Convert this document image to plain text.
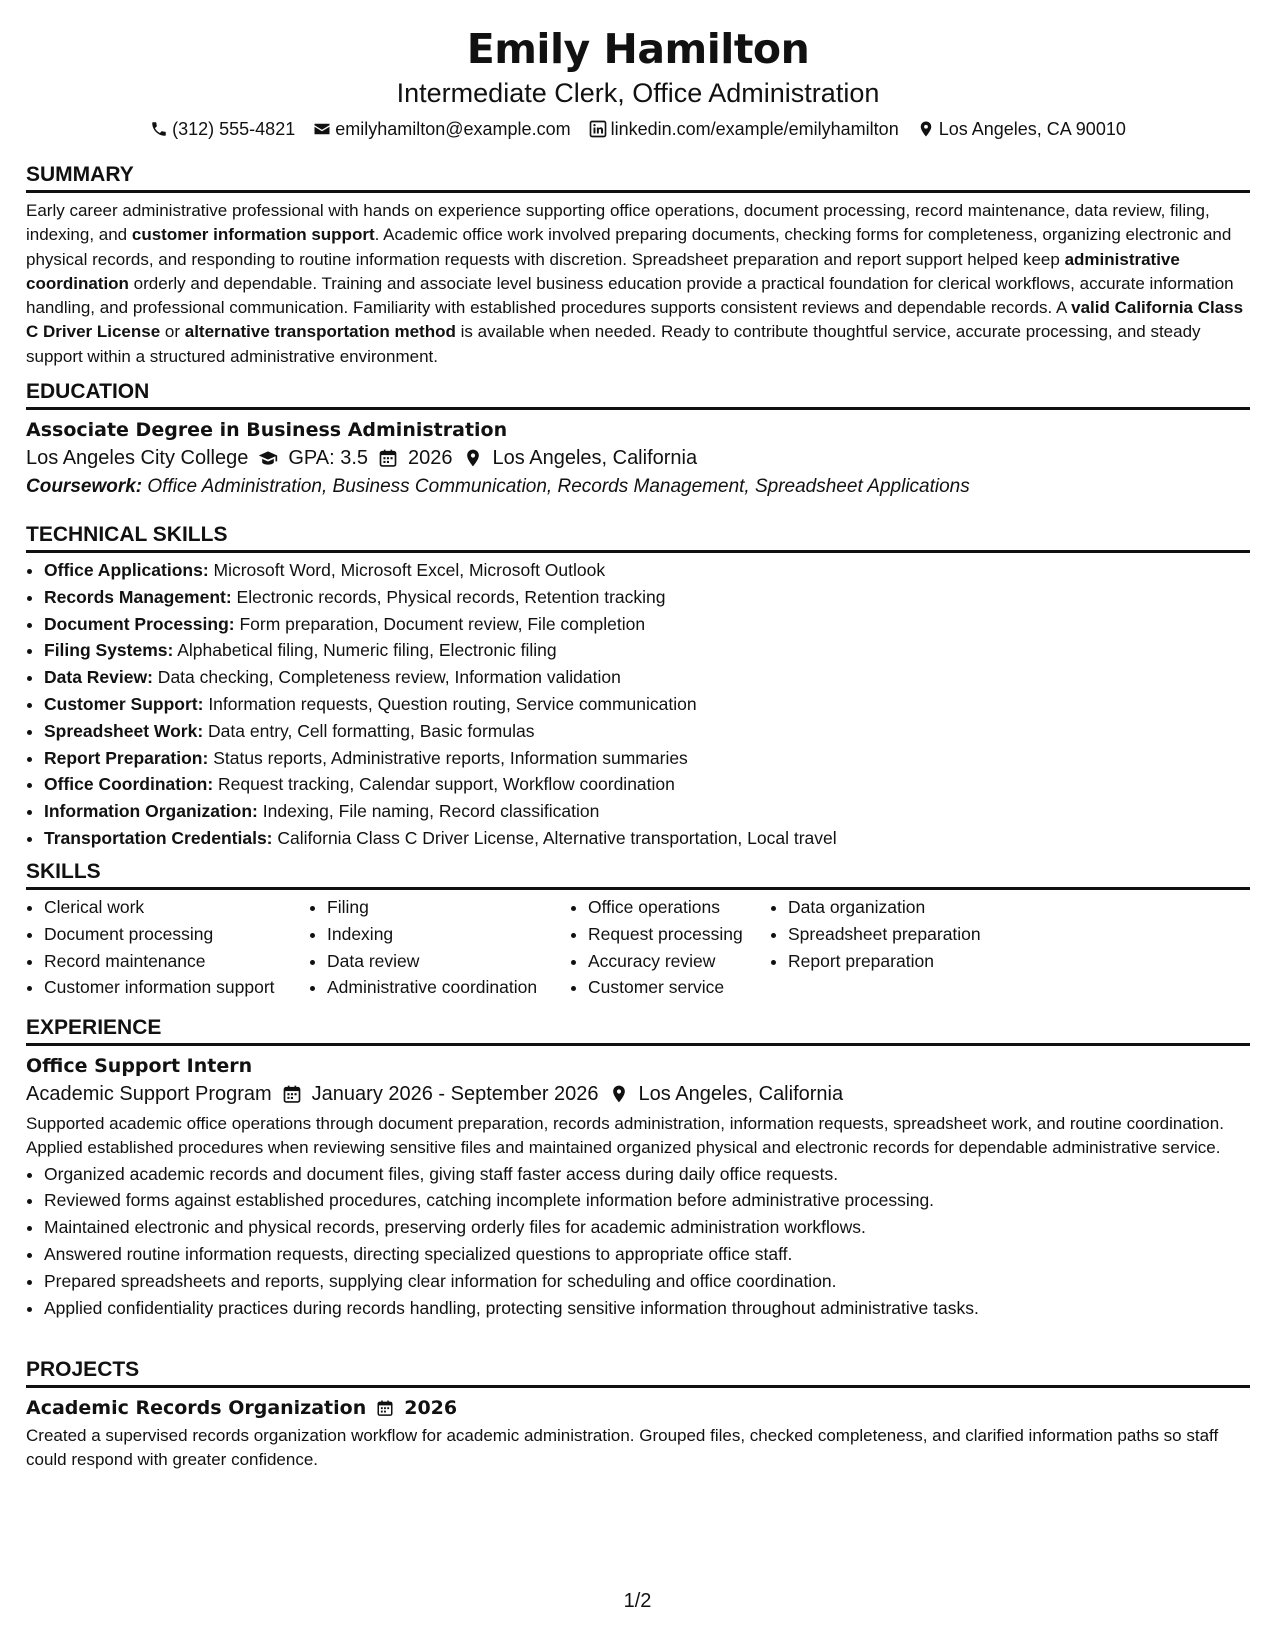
Emily Hamilton

Intermediate Clerk, Office Administration

(312) 555-4821 emilyhamilton@example.com linkedin.com/example/emilyhamilton Los Angeles, CA 90010
SUMMARY

Early career administrative professional with hands on experience supporting office operations, document processing, record maintenance, data review, filing, indexing, and customer information support. Academic office work involved preparing documents, checking forms for completeness, organizing electronic and physical records, and responding to routine information requests with discretion. Spreadsheet preparation and report support helped keep administrative coordination orderly and dependable. Training and associate level business education provide a practical foundation for clerical workflows, accurate information handling, and professional communication. Familiarity with established procedures supports consistent reviews and dependable records. A valid California Class C Driver License or alternative transportation method is available when needed. Ready to contribute thoughtful service, accurate processing, and steady support within a structured administrative environment.

EDUCATION
Associate Degree in Business Administration
Los Angeles City College GPA: 3.5 2026 Los Angeles, California
Coursework: Office Administration, Business Communication, Records Management, Spreadsheet Applications
TECHNICAL SKILLS
• Office Applications: Microsoft Word, Microsoft Excel, Microsoft Outlook
• Records Management: Electronic records, Physical records, Retention tracking
• Document Processing: Form preparation, Document review, File completion
• Filing Systems: Alphabetical filing, Numeric filing, Electronic filing
• Data Review: Data checking, Completeness review, Information validation
• Customer Support: Information requests, Question routing, Service communication
• Spreadsheet Work: Data entry, Cell formatting, Basic formulas
• Report Preparation: Status reports, Administrative reports, Information summaries
• Office Coordination: Request tracking, Calendar support, Workflow coordination
• Information Organization: Indexing, File naming, Record classification
• Transportation Credentials: California Class C Driver License, Alternative transportation, Local travel
SKILLS
• Clerical work
• Document processing
• Record maintenance
• Customer information support
• Filing
• Indexing
• Data review
• Administrative coordination
• Office operations
• Request processing
• Accuracy review
• Customer service
• Data organization
• Spreadsheet preparation
• Report preparation
EXPERIENCE
Office Support Intern
Academic Support Program January 2026 - September 2026 Los Angeles, California

Supported academic office operations through document preparation, records administration, information requests, spreadsheet work, and routine coordination. Applied established procedures when reviewing sensitive files and maintained organized physical and electronic records for dependable administrative service.

• Organized academic records and document files, giving staff faster access during daily office requests.
• Reviewed forms against established procedures, catching incomplete information before administrative processing.
• Maintained electronic and physical records, preserving orderly files for academic administration workflows.
• Answered routine information requests, directing specialized questions to appropriate office staff.
• Prepared spreadsheets and reports, supplying clear information for scheduling and office coordination.
• Applied confidentiality practices during records handling, protecting sensitive information throughout administrative tasks.
PROJECTS
Academic Records Organization 2026

Created a supervised records organization workflow for academic administration. Grouped files, checked completeness, and clarified information paths so staff could respond with greater confidence.

1/2
